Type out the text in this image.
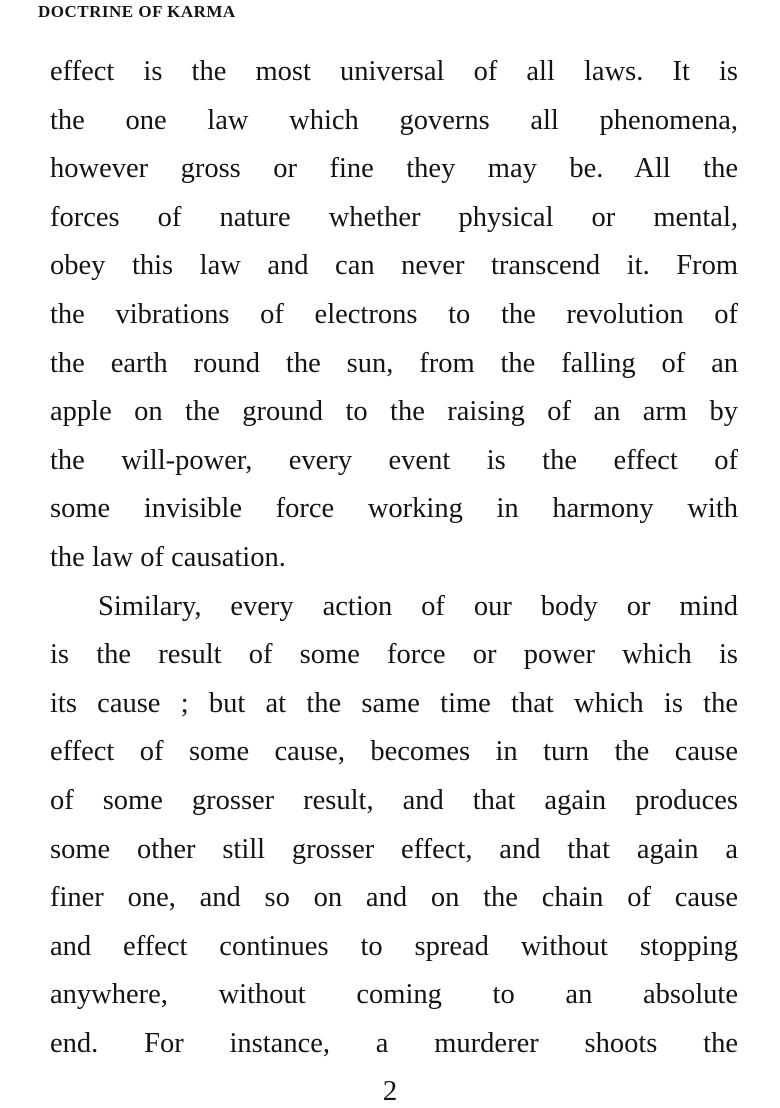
DOCTRINE OF KARMA
effect is the most universal of all laws. It is
the one law which governs all phenomena,
however gross or fine they may be. All the
forces of nature whether physical or mental,
obey this law and can never transcend it. From
the vibrations of electrons to the revolution of
the earth round the sun, from the falling of an
apple on the ground to the raising of an arm by
the will-power, every event is the effect of
some invisible force working in harmony with
the law of causation.
Similary, every action of our body or mind
is the result of some force or power which is
its cause ; but at the same time that which is the
effect of some cause, becomes in turn the cause
of some grosser result, and that again produces
some other still grosser effect, and that again a
finer one, and so on and on the chain of cause
and effect continues to spread without stopping
anywhere, without coming to an absolute
end. For instance, a murderer shoots the
2
